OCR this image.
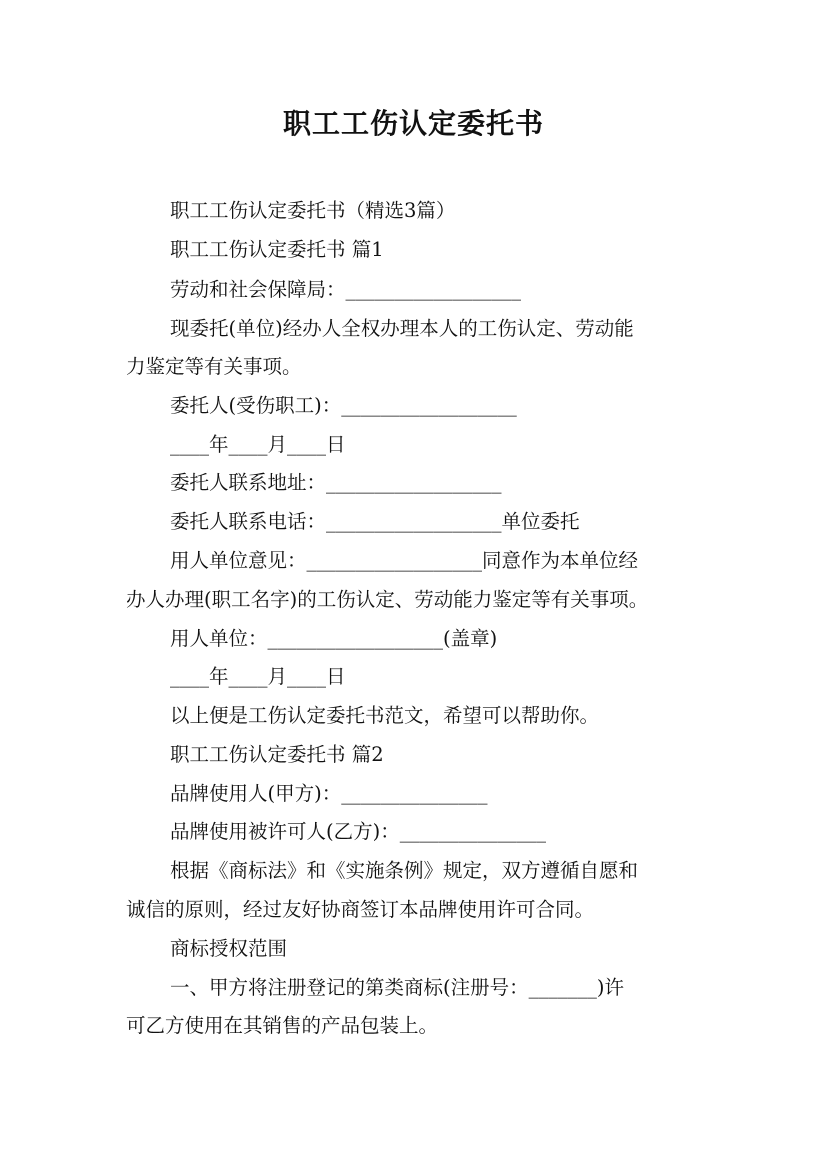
职工工伤认定委托书
职工工伤认定委托书（精选3篇）
职工工伤认定委托书 篇1
劳动和社会保障局：__________________
现委托(单位)经办人全权办理本人的工伤认定、劳动能
力鉴定等有关事项。
委托人(受伤职工)：__________________
____年____月____日
委托人联系地址：__________________
委托人联系电话：__________________单位委托
用人单位意见：__________________同意作为本单位经
办人办理(职工名字)的工伤认定、劳动能力鉴定等有关事项。
用人单位：__________________(盖章)
____年____月____日
以上便是工伤认定委托书范文，希望可以帮助你。
职工工伤认定委托书 篇2
品牌使用人(甲方)：_______________
品牌使用被许可人(乙方)：_______________
根据《商标法》和《实施条例》规定，双方遵循自愿和
诚信的原则，经过友好协商签订本品牌使用许可合同。
商标授权范围
一、甲方将注册登记的第类商标(注册号：_______)许
可乙方使用在其销售的产品包装上。
